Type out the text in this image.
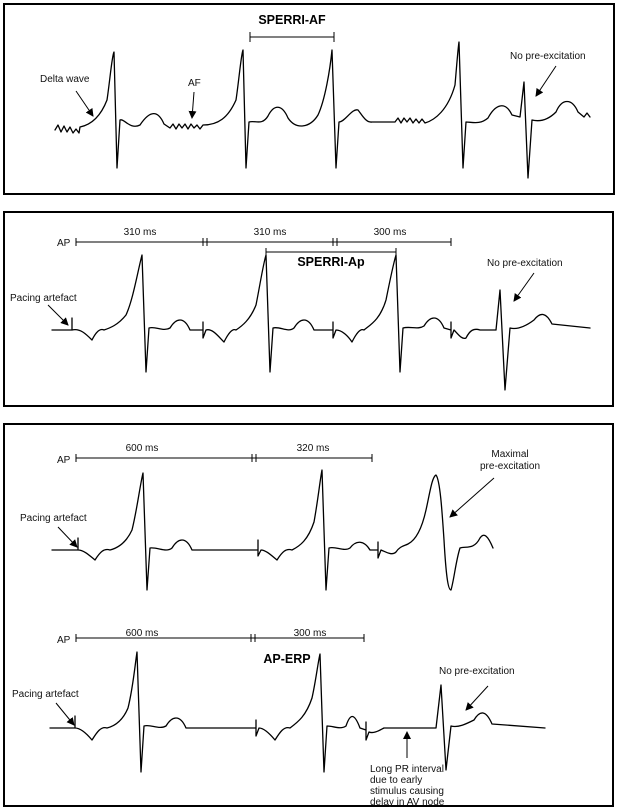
SPERRI-AF
Delta wave	AF
No pre-excitation
AP
310 ms	310 ms	300 ms
SPERRI-Ap
Pacing artefact
No pre-excitation
AP
600 ms	320 ms
Pacing artefact
Maximal
pre-excitation
AP
600 ms	300 ms
AP-ERP
Pacing artefact
No pre-excitation
Long PR interval
due to early
stimulus causing
delay in AV node
